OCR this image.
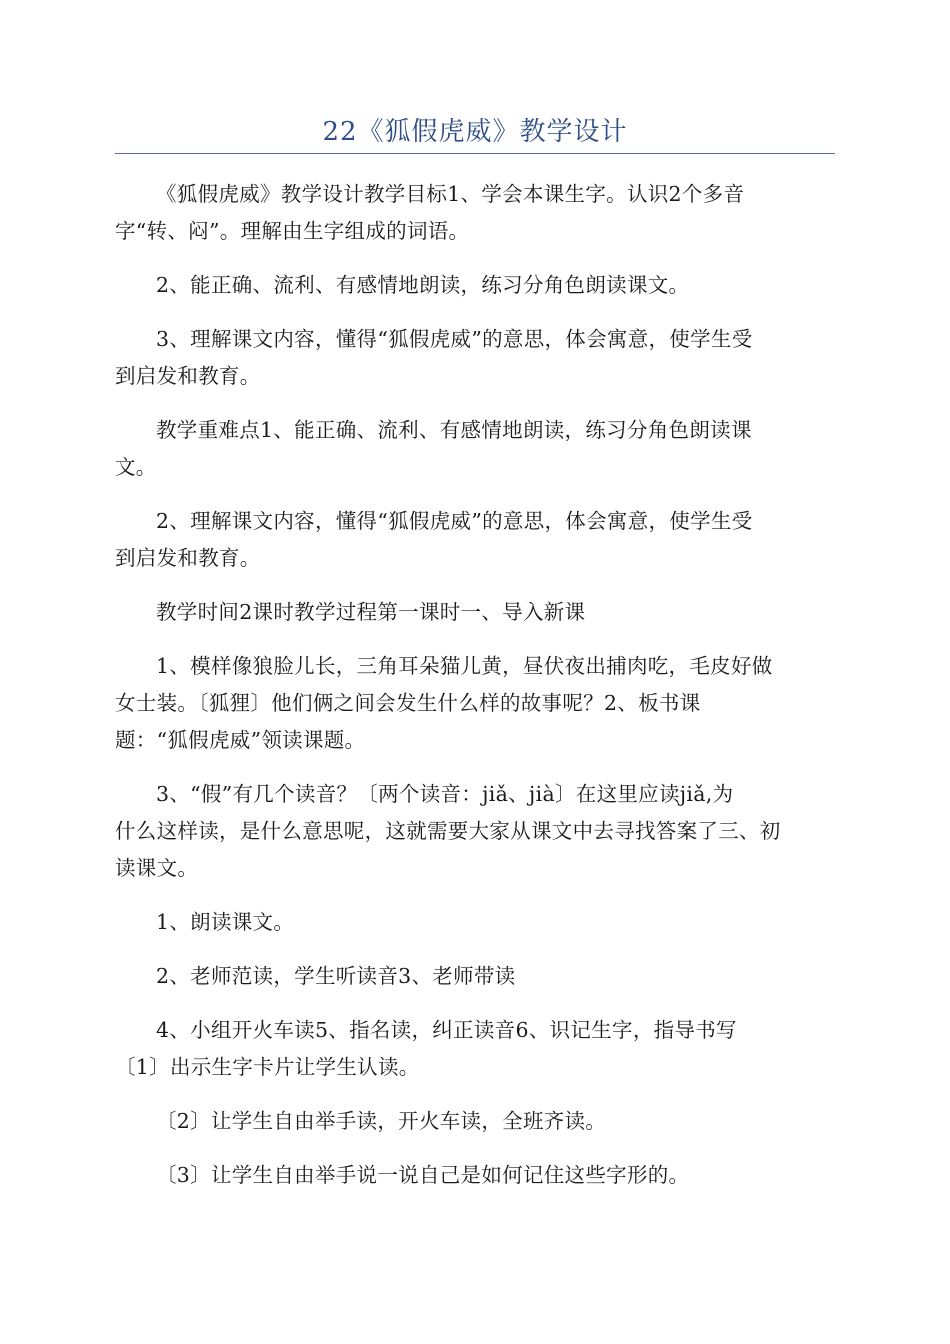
22《狐假虎威》教学设计

《狐假虎威》教学设计教学目标1、学会本课生字。认识2个多音
字“转、闷”。理解由生字组成的词语。

2、能正确、流利、有感情地朗读，练习分角色朗读课文。

3、理解课文内容，懂得“狐假虎威”的意思，体会寓意，使学生受
到启发和教育。

教学重难点1、能正确、流利、有感情地朗读，练习分角色朗读课
文。

2、理解课文内容，懂得“狐假虎威”的意思，体会寓意，使学生受
到启发和教育。

教学时间2课时教学过程第一课时一、导入新课

1、模样像狼脸儿长，三角耳朵猫儿黄，昼伏夜出捕肉吃，毛皮好做
女士装。〔狐狸〕他们俩之间会发生什么样的故事呢？2、板书课
题：“狐假虎威”领读课题。

3、“假”有几个读音？〔两个读音：jiǎ、jià〕在这里应读jiǎ,为
什么这样读，是什么意思呢，这就需要大家从课文中去寻找答案了三、初
读课文。

1、朗读课文。

2、老师范读，学生听读音3、老师带读

4、小组开火车读5、指名读，纠正读音6、识记生字，指导书写
〔1〕出示生字卡片让学生认读。

〔2〕让学生自由举手读，开火车读，全班齐读。

〔3〕让学生自由举手说一说自己是如何记住这些字形的。
